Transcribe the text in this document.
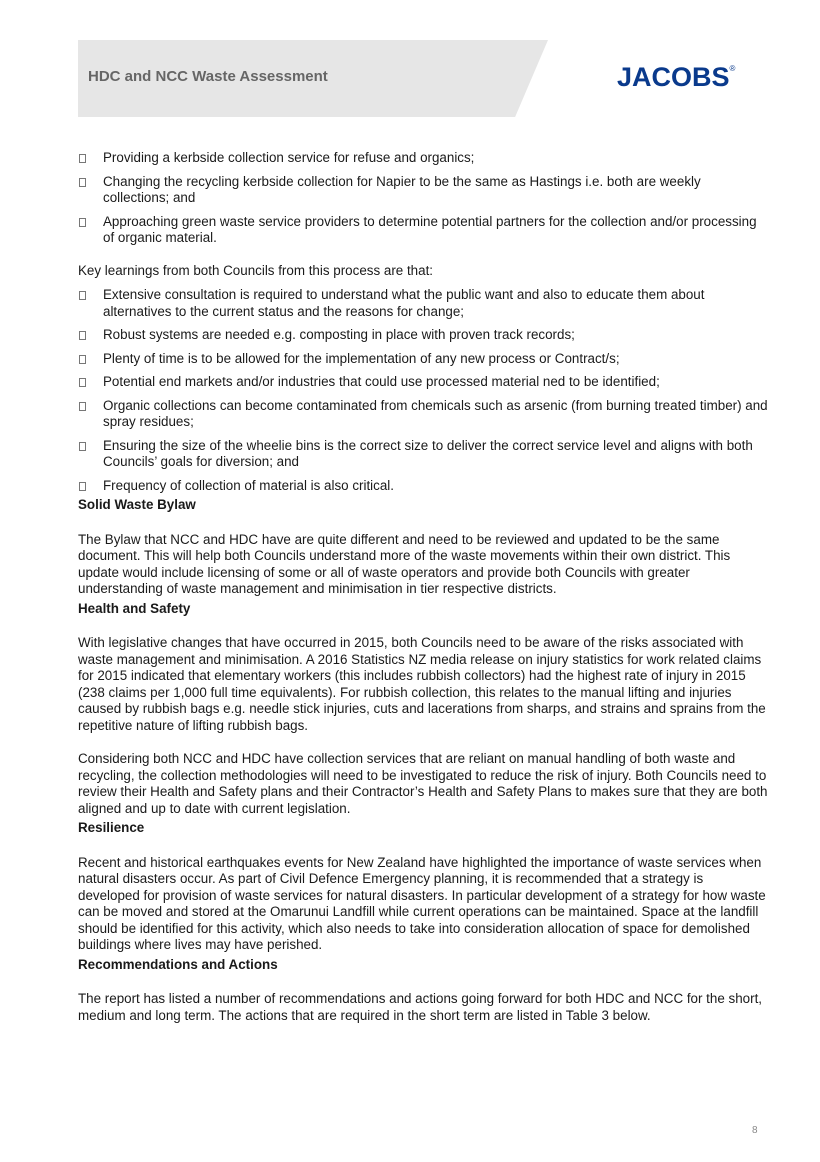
HDC and NCC Waste Assessment	JACOBS®
Providing a kerbside collection service for refuse and organics;
Changing the recycling kerbside collection for Napier to be the same as Hastings i.e. both are weekly collections; and
Approaching green waste service providers to determine potential partners for the collection and/or processing of organic material.

Key learnings from both Councils from this process are that:

Extensive consultation is required to understand what the public want and also to educate them about alternatives to the current status and the reasons for change;
Robust systems are needed e.g. composting in place with proven track records;
Plenty of time is to be allowed for the implementation of any new process or Contract/s;
Potential end markets and/or industries that could use processed material ned to be identified;
Organic collections can become contaminated from chemicals such as arsenic (from burning treated timber) and spray residues;
Ensuring the size of the wheelie bins is the correct size to deliver the correct service level and aligns with both Councils’ goals for diversion; and
Frequency of collection of material is also critical.

Solid Waste Bylaw

The Bylaw that NCC and HDC have are quite different and need to be reviewed and updated to be the same document. This will help both Councils understand more of the waste movements within their own district. This update would include licensing of some or all of waste operators and provide both Councils with greater understanding of waste management and minimisation in tier respective districts.

Health and Safety

With legislative changes that have occurred in 2015, both Councils need to be aware of the risks associated with waste management and minimisation. A 2016 Statistics NZ media release on injury statistics for work related claims for 2015 indicated that elementary workers (this includes rubbish collectors) had the highest rate of injury in 2015 (238 claims per 1,000 full time equivalents). For rubbish collection, this relates to the manual lifting and injuries caused by rubbish bags e.g. needle stick injuries, cuts and lacerations from sharps, and strains and sprains from the repetitive nature of lifting rubbish bags.

Considering both NCC and HDC have collection services that are reliant on manual handling of both waste and recycling, the collection methodologies will need to be investigated to reduce the risk of injury. Both Councils need to review their Health and Safety plans and their Contractor’s Health and Safety Plans to makes sure that they are both aligned and up to date with current legislation.

Resilience

Recent and historical earthquakes events for New Zealand have highlighted the importance of waste services when natural disasters occur. As part of Civil Defence Emergency planning, it is recommended that a strategy is developed for provision of waste services for natural disasters. In particular development of a strategy for how waste can be moved and stored at the Omarunui Landfill while current operations can be maintained. Space at the landfill should be identified for this activity, which also needs to take into consideration allocation of space for demolished buildings where lives may have perished.

Recommendations and Actions

The report has listed a number of recommendations and actions going forward for both HDC and NCC for the short, medium and long term. The actions that are required in the short term are listed in Table 3 below.

8
